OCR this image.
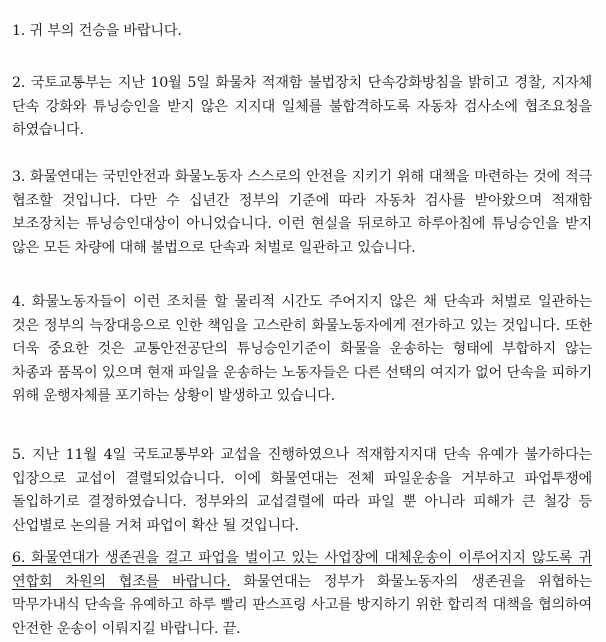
1. 귀 부의 건승을 바랍니다.

2. 국토교통부는 지난 10월 5일 화물차 적재함 불법장치 단속강화방침을 밝히고 경찰, 지자체 단속 강화와 튜닝승인을 받지 않은 지지대 일체를 불합격하도록 자동차 검사소에 협조요청을 하였습니다.

3. 화물연대는 국민안전과 화물노동자 스스로의 안전을 지키기 위해 대책을 마련하는 것에 적극 협조할 것입니다. 다만 수 십년간 정부의 기준에 따라 자동차 검사를 받아왔으며 적재함 보조장치는 튜닝승인대상이 아니었습니다. 이런 현실을 뒤로하고 하루아침에 튜닝승인을 받지 않은 모든 차량에 대해 불법으로 단속과 처벌로 일관하고 있습니다.

4. 화물노동자들이 이런 조치를 할 물리적 시간도 주어지지 않은 채 단속과 처벌로 일관하는 것은 정부의 늑장대응으로 인한 책임을 고스란히 화물노동자에게 전가하고 있는 것입니다. 또한 더욱 중요한 것은 교통안전공단의 튜닝승인기준이 화물을 운송하는 형태에 부합하지 않는 차종과 품목이 있으며 현재 파일을 운송하는 노동자들은 다른 선택의 여지가 없어 단속을 피하기 위해 운행자체를 포기하는 상황이 발생하고 있습니다.

5. 지난 11월 4일 국토교통부와 교섭을 진행하였으나 적재함지지대 단속 유예가 불가하다는 입장으로 교섭이 결렬되었습니다. 이에 화물연대는 전체 파일운송을 거부하고 파업투쟁에 돌입하기로 결정하였습니다. 정부와의 교섭결렬에 따라 파일 뿐 아니라 피해가 큰 철강 등 산업별로 논의를 거쳐 파업이 확산 될 것입니다.

6. 화물연대가 생존권을 걸고 파업을 벌이고 있는 사업장에 대체운송이 이루어지지 않도록 귀 연합회 차원의 협조를 바랍니다. 화물연대는 정부가 화물노동자의 생존권을 위협하는 막무가내식 단속을 유예하고 하루 빨리 판스프링 사고를 방지하기 위한 합리적 대책을 협의하여 안전한 운송이 이뤄지길 바랍니다. 끝.
